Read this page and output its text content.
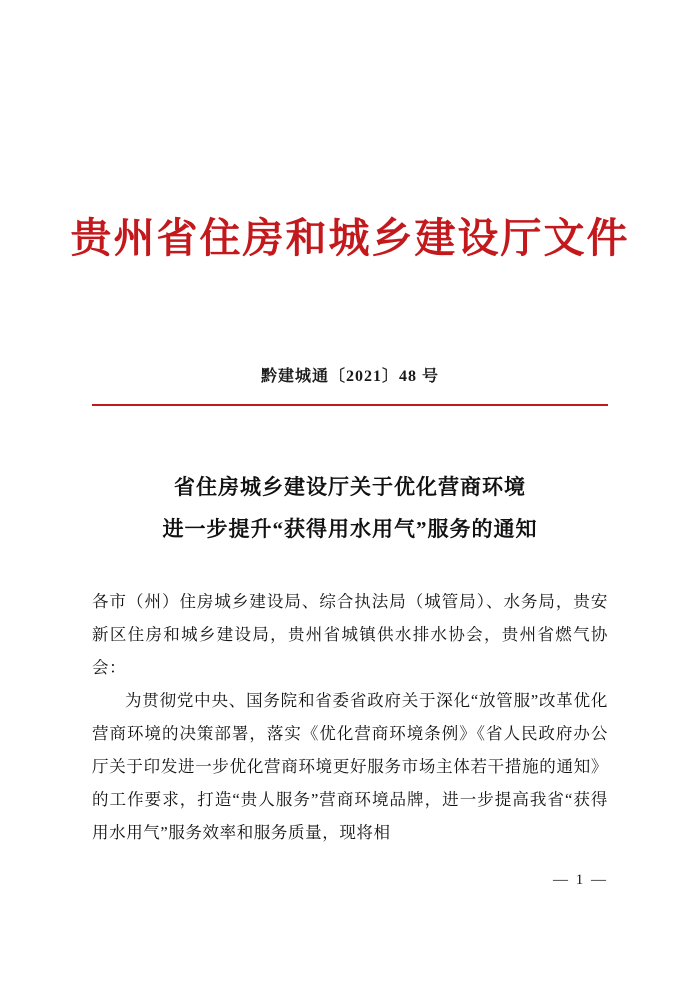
贵州省住房和城乡建设厅文件
黔建城通〔2021〕48 号
省住房城乡建设厅关于优化营商环境
进一步提升“获得用水用气”服务的通知

各市（州）住房城乡建设局、综合执法局（城管局）、水务局，贵安新区住房和城乡建设局，贵州省城镇供水排水协会，贵州省燃气协会：

为贯彻党中央、国务院和省委省政府关于深化“放管服”改革优化营商环境的决策部署，落实《优化营商环境条例》《省人民政府办公厅关于印发进一步优化营商环境更好服务市场主体若干措施的通知》的工作要求，打造“贵人服务”营商环境品牌，进一步提高我省“获得用水用气”服务效率和服务质量，现将相

— 1 —
